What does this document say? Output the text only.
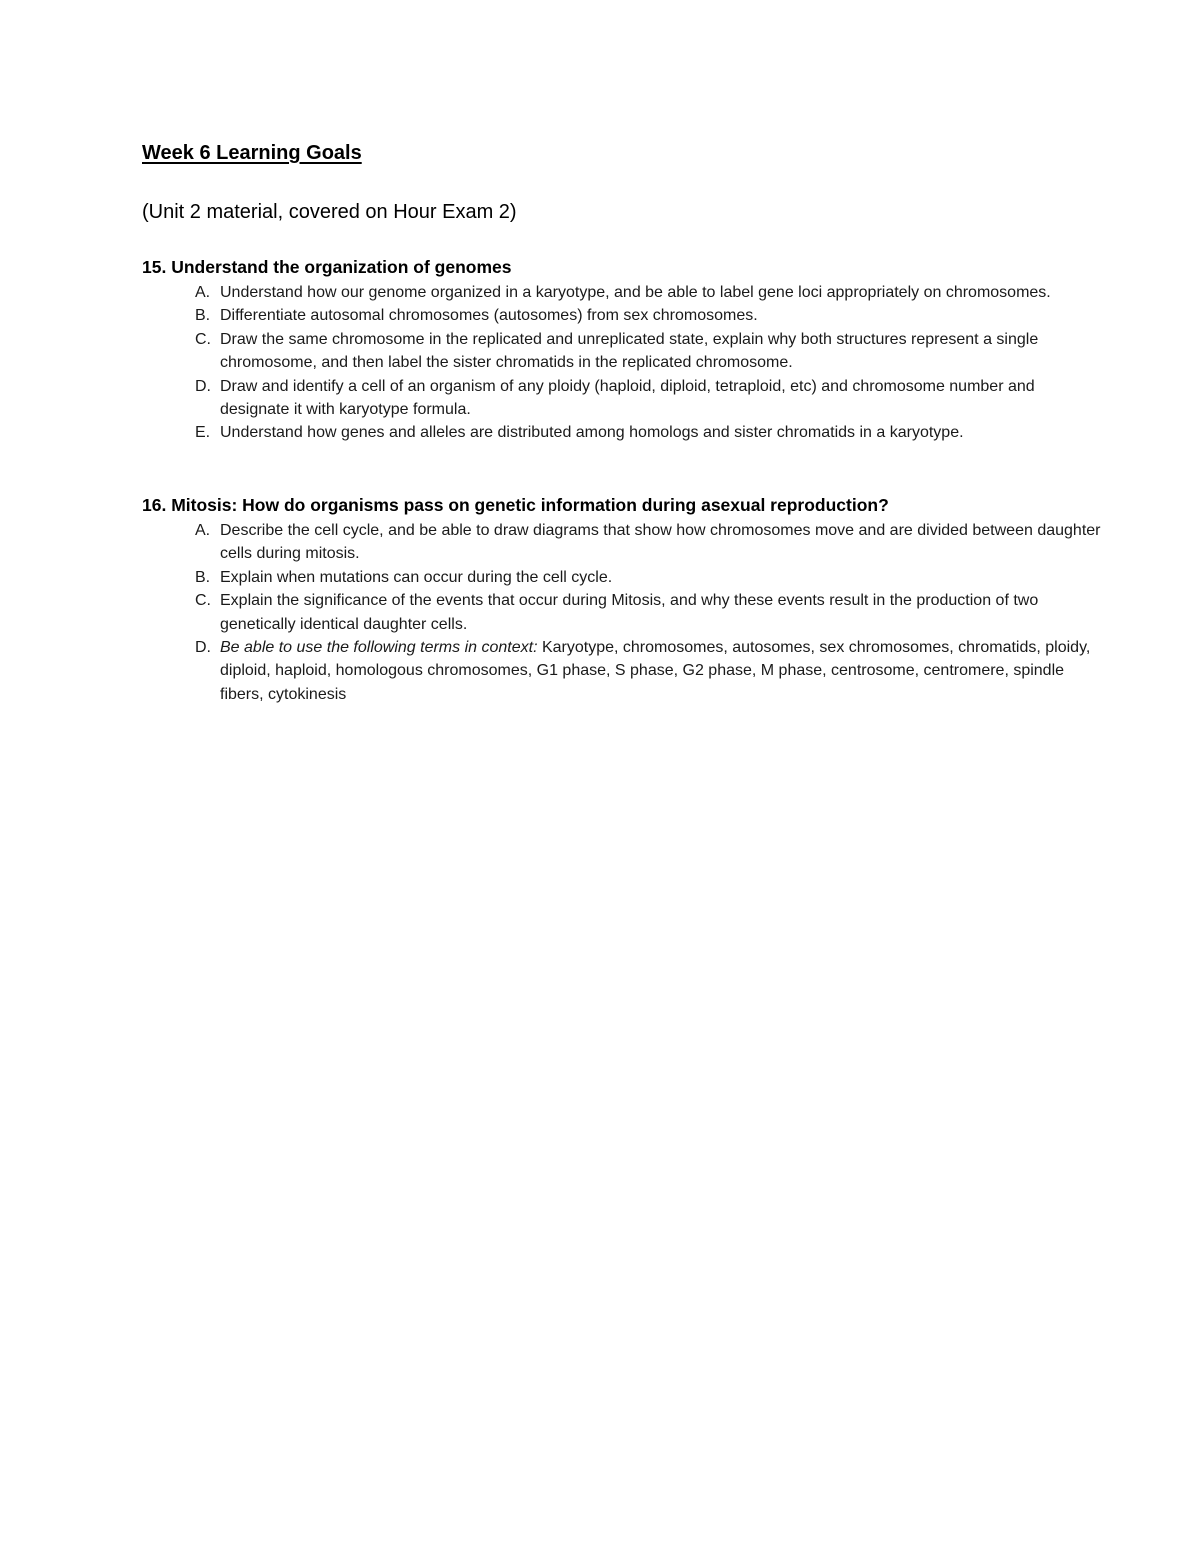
Week 6 Learning Goals

(Unit 2 material, covered on Hour Exam 2)

15. Understand the organization of genomes
A. Understand how our genome organized in a karyotype, and be able to label gene loci appropriately on chromosomes.
B. Differentiate autosomal chromosomes (autosomes) from sex chromosomes.
C. Draw the same chromosome in the replicated and unreplicated state, explain why both structures represent a single chromosome, and then label the sister chromatids in the replicated chromosome.
D. Draw and identify a cell of an organism of any ploidy (haploid, diploid, tetraploid, etc) and chromosome number and designate it with karyotype formula.
E. Understand how genes and alleles are distributed among homologs and sister chromatids in a karyotype.
16. Mitosis: How do organisms pass on genetic information during asexual reproduction?
A. Describe the cell cycle, and be able to draw diagrams that show how chromosomes move and are divided between daughter cells during mitosis.
B. Explain when mutations can occur during the cell cycle.
C. Explain the significance of the events that occur during Mitosis, and why these events result in the production of two genetically identical daughter cells.
D. Be able to use the following terms in context: Karyotype, chromosomes, autosomes, sex chromosomes, chromatids, ploidy, diploid, haploid, homologous chromosomes, G1 phase, S phase, G2 phase, M phase, centrosome, centromere, spindle fibers, cytokinesis
